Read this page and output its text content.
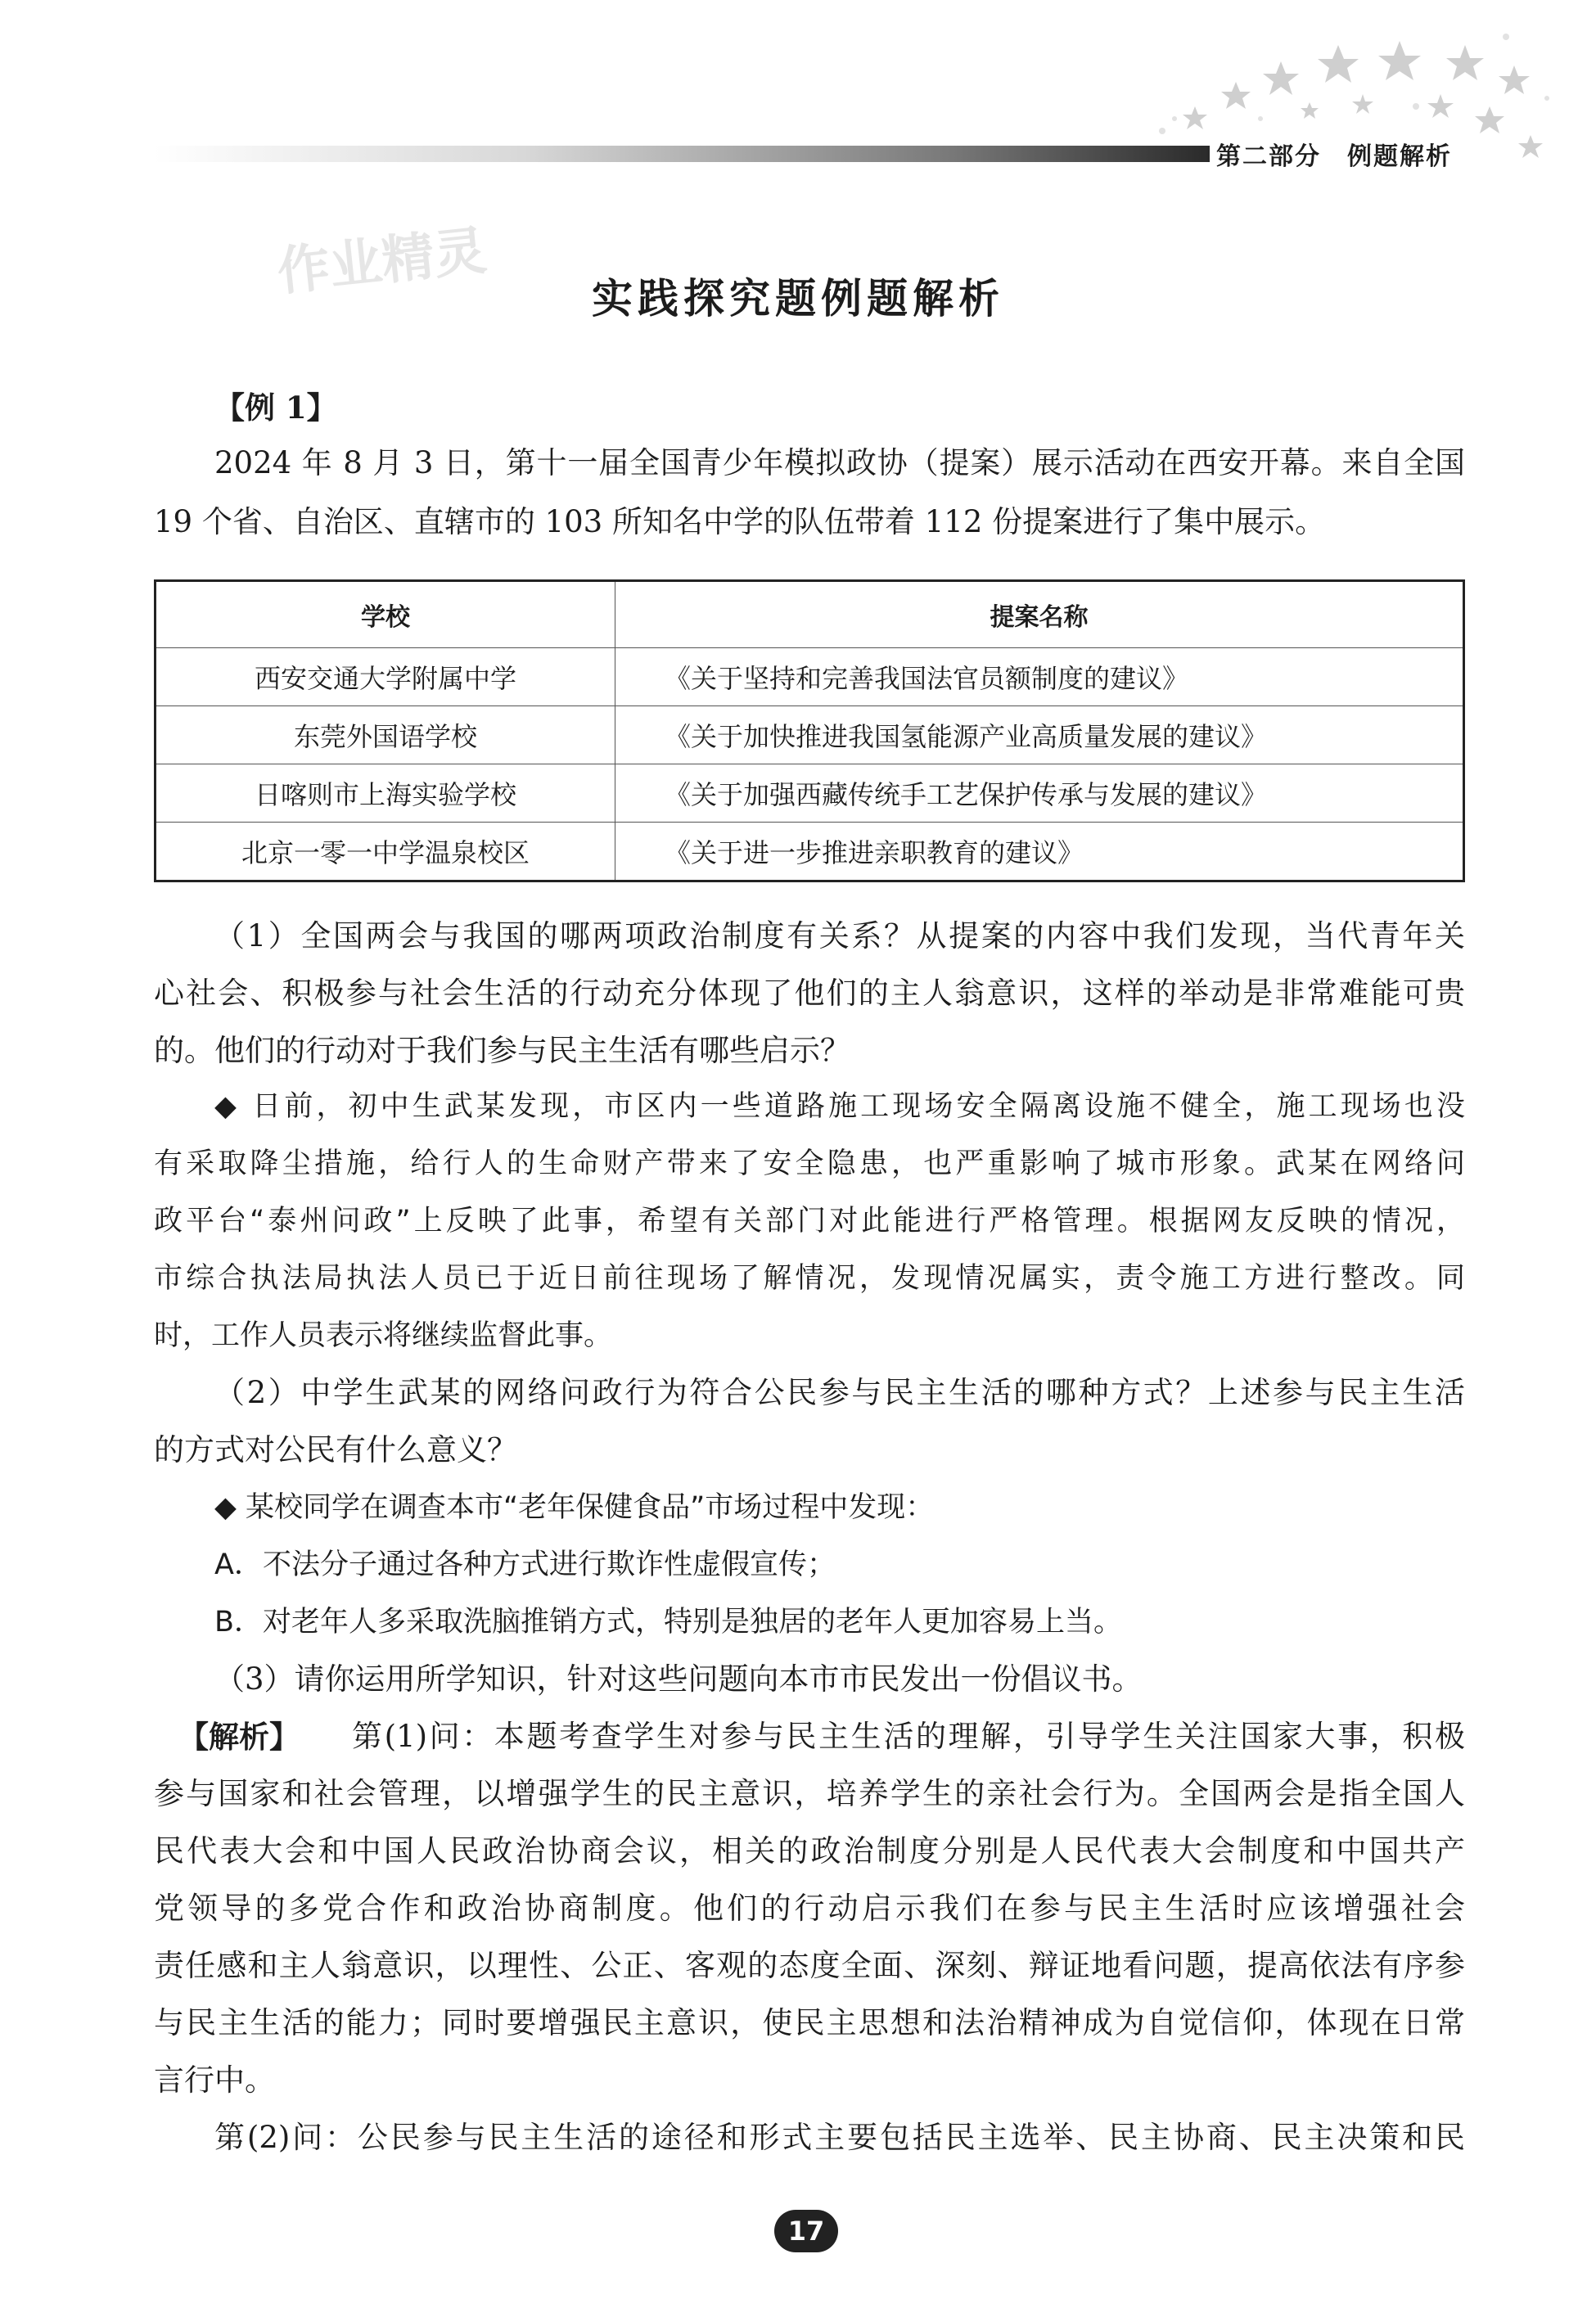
第二部分　例题解析
作业精灵	实践探究题例题解析
【例 1】
2024 年 8 月 3 日，第十一届全国青少年模拟政协（提案）展示活动在西安开幕。来自全国
19 个省、自治区、直辖市的 103 所知名中学的队伍带着 112 份提案进行了集中展示。
学校	提案名称
西安交通大学附属中学	《关于坚持和完善我国法官员额制度的建议》
东莞外国语学校	《关于加快推进我国氢能源产业高质量发展的建议》
日喀则市上海实验学校	《关于加强西藏传统手工艺保护传承与发展的建议》
北京一零一中学温泉校区	《关于进一步推进亲职教育的建议》
（1）全国两会与我国的哪两项政治制度有关系？从提案的内容中我们发现，当代青年关
心社会、积极参与社会生活的行动充分体现了他们的主人翁意识，这样的举动是非常难能可贵
的。他们的行动对于我们参与民主生活有哪些启示？
◆ 日前，初中生武某发现，市区内一些道路施工现场安全隔离设施不健全，施工现场也没
有采取降尘措施，给行人的生命财产带来了安全隐患，也严重影响了城市形象。武某在网络问
政平台“泰州问政”上反映了此事，希望有关部门对此能进行严格管理。根据网友反映的情况，
市综合执法局执法人员已于近日前往现场了解情况，发现情况属实，责令施工方进行整改。同
时，工作人员表示将继续监督此事。
（2）中学生武某的网络问政行为符合公民参与民主生活的哪种方式？上述参与民主生活
的方式对公民有什么意义？
◆ 某校同学在调查本市“老年保健食品”市场过程中发现：
A．不法分子通过各种方式进行欺诈性虚假宣传；
B．对老年人多采取洗脑推销方式，特别是独居的老年人更加容易上当。
（3）请你运用所学知识，针对这些问题向本市市民发出一份倡议书。
【解析】	第(1)问：本题考查学生对参与民主生活的理解，引导学生关注国家大事，积极
参与国家和社会管理，以增强学生的民主意识，培养学生的亲社会行为。全国两会是指全国人
民代表大会和中国人民政治协商会议，相关的政治制度分别是人民代表大会制度和中国共产
党领导的多党合作和政治协商制度。他们的行动启示我们在参与民主生活时应该增强社会
责任感和主人翁意识，以理性、公正、客观的态度全面、深刻、辩证地看问题，提高依法有序参
与民主生活的能力；同时要增强民主意识，使民主思想和法治精神成为自觉信仰，体现在日常
言行中。
第(2)问：公民参与民主生活的途径和形式主要包括民主选举、民主协商、民主决策和民
17
